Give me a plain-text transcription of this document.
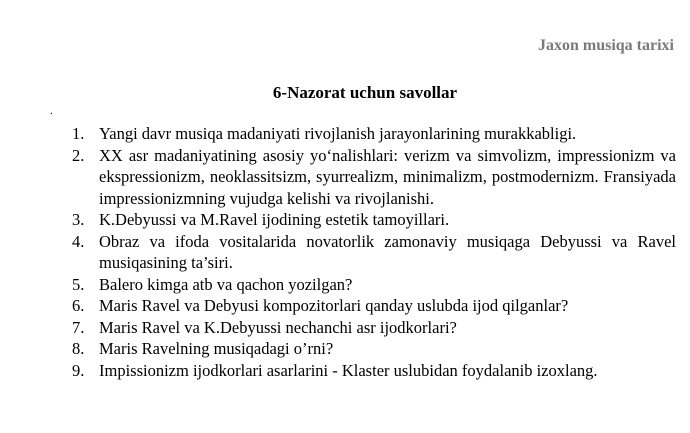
Jaxon musiqa tarixi
6-Nazorat uchun savollar
.
1. Yangi davr musiqa madaniyati rivojlanish jarayonlarining murakkabligi.
2. XX asr madaniyatining asosiy yo‘nalishlari: verizm va simvolizm, impressionizm va ekspressionizm, neoklassitsizm, syurrealizm, minimalizm, postmodernizm. Fransiyada impressionizmning vujudga kelishi va rivojlanishi.
3. K.Debyussi va M.Ravel ijodining estetik tamoyillari.
4. Obraz va ifoda vositalarida novatorlik zamonaviy musiqaga Debyussi va Ravel musiqasining ta’siri.
5. Balero kimga atb va qachon yozilgan?
6. Maris Ravel va Debyusi kompozitorlari qanday uslubda ijod qilganlar?
7. Maris Ravel va K.Debyussi nechanchi asr ijodkorlari?
8. Maris Ravelning musiqadagi o’rni?
9. Impissionizm ijodkorlari asarlarini - Klaster uslubidan foydalanib izoxlang.
